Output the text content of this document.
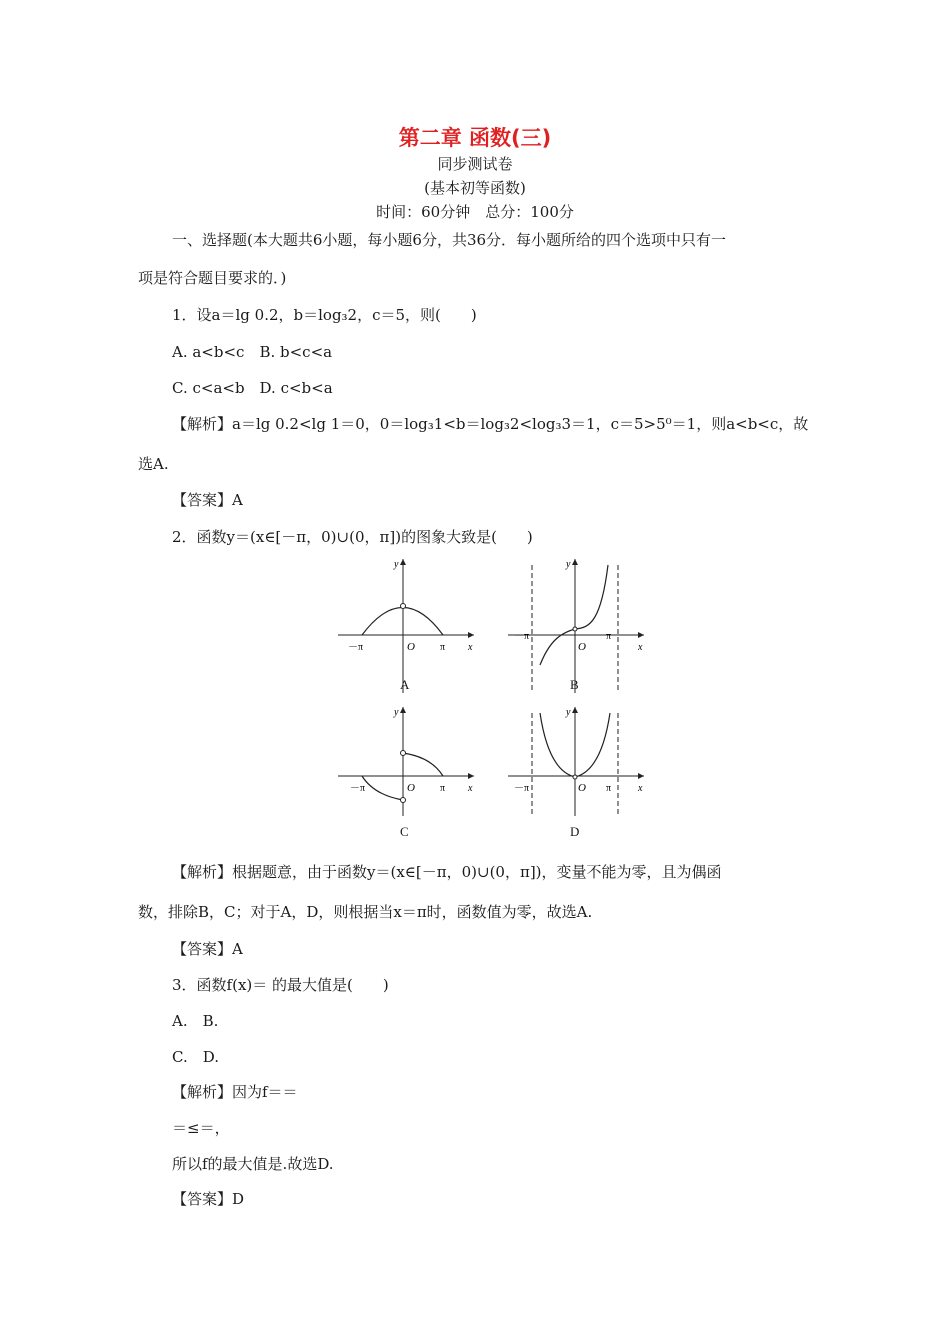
第二章 函数(三)
同步测试卷
(基本初等函数)
时间：60分钟　总分：100分
一、选择题(本大题共6小题，每小题6分，共36分．每小题所给的四个选项中只有一
项是符合题目要求的．)
1．设a＝lg 0.2，b＝log₃2，c＝5，则(　　)
A. a<b<c　B. b<c<a
C. c<a<b　D. c<b<a
【解析】a＝lg 0.2<lg 1＝0，0＝log₃1<b＝log₃2<log₃3＝1，c＝5>5⁰＝1，则a<b<c，故
选A.
【答案】A
2．函数y＝(x∈[－π，0)∪(0，π])的图象大致是(　　)
y
x
O
－π	π
A
y
x
O
－π	π
B
y
x
O
－π	π
C
y
x
O
－π	π
D
【解析】根据题意，由于函数y＝(x∈[－π，0)∪(0，π])，变量不能为零，且为偶函
数，排除B，C；对于A，D，则根据当x＝π时，函数值为零，故选A.
【答案】A
3．函数f(x)＝ 的最大值是(　　)
A.　B.
C.　D.
【解析】因为f＝＝
＝≤＝，
所以f的最大值是.故选D.
【答案】D
